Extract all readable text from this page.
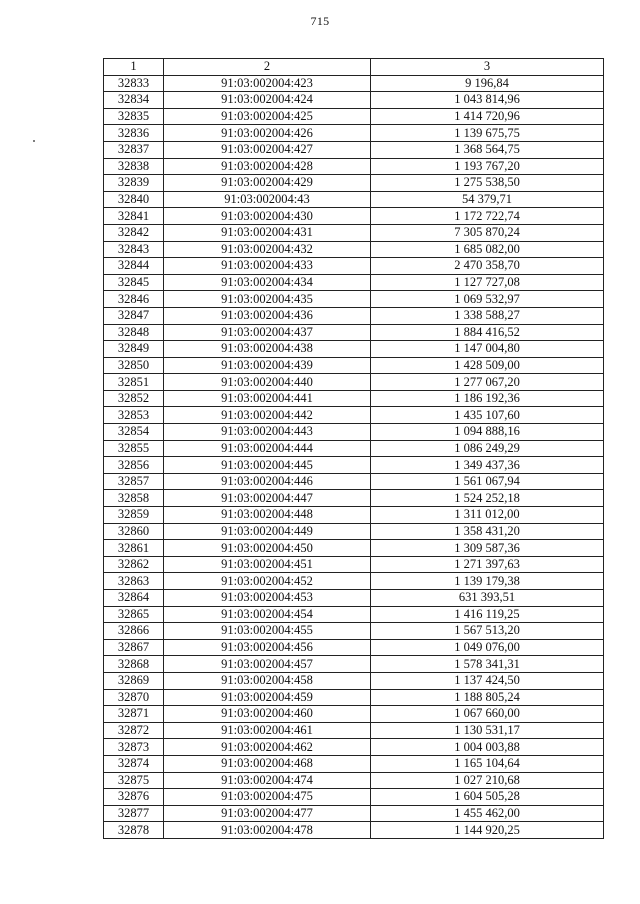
715
1	2	3
32833	91:03:002004:423	9 196,84
32834	91:03:002004:424	1 043 814,96
32835	91:03:002004:425	1 414 720,96
32836	91:03:002004:426	1 139 675,75
32837	91:03:002004:427	1 368 564,75
32838	91:03:002004:428	1 193 767,20
32839	91:03:002004:429	1 275 538,50
32840	91:03:002004:43	54 379,71
32841	91:03:002004:430	1 172 722,74
32842	91:03:002004:431	7 305 870,24
32843	91:03:002004:432	1 685 082,00
32844	91:03:002004:433	2 470 358,70
32845	91:03:002004:434	1 127 727,08
32846	91:03:002004:435	1 069 532,97
32847	91:03:002004:436	1 338 588,27
32848	91:03:002004:437	1 884 416,52
32849	91:03:002004:438	1 147 004,80
32850	91:03:002004:439	1 428 509,00
32851	91:03:002004:440	1 277 067,20
32852	91:03:002004:441	1 186 192,36
32853	91:03:002004:442	1 435 107,60
32854	91:03:002004:443	1 094 888,16
32855	91:03:002004:444	1 086 249,29
32856	91:03:002004:445	1 349 437,36
32857	91:03:002004:446	1 561 067,94
32858	91:03:002004:447	1 524 252,18
32859	91:03:002004:448	1 311 012,00
32860	91:03:002004:449	1 358 431,20
32861	91:03:002004:450	1 309 587,36
32862	91:03:002004:451	1 271 397,63
32863	91:03:002004:452	1 139 179,38
32864	91:03:002004:453	631 393,51
32865	91:03:002004:454	1 416 119,25
32866	91:03:002004:455	1 567 513,20
32867	91:03:002004:456	1 049 076,00
32868	91:03:002004:457	1 578 341,31
32869	91:03:002004:458	1 137 424,50
32870	91:03:002004:459	1 188 805,24
32871	91:03:002004:460	1 067 660,00
32872	91:03:002004:461	1 130 531,17
32873	91:03:002004:462	1 004 003,88
32874	91:03:002004:468	1 165 104,64
32875	91:03:002004:474	1 027 210,68
32876	91:03:002004:475	1 604 505,28
32877	91:03:002004:477	1 455 462,00
32878	91:03:002004:478	1 144 920,25
